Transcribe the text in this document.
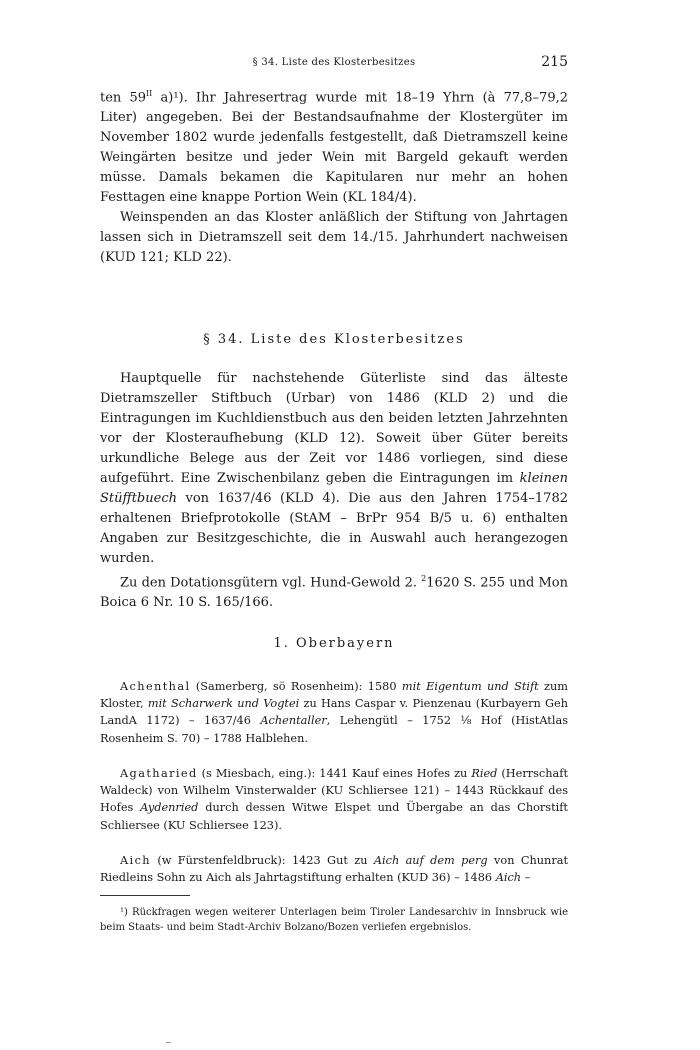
§ 34. Liste des Klosterbesitzes	215

ten $59^{II}$ a)¹). Ihr Jahresertrag wurde mit 18–19 Yhrn (à 77,8–79,2 Liter) angegeben. Bei der Bestandsaufnahme der Klostergüter im November 1802 wurde jedenfalls festgestellt, daß Dietramszell keine Weingärten besitze und jeder Wein mit Bargeld gekauft werden müsse. Damals bekamen die Kapitularen nur mehr an hohen Festtagen eine knappe Portion Wein (KL 184/4).

Weinspenden an das Kloster anläßlich der Stiftung von Jahrtagen lassen sich in Dietramszell seit dem 14./15. Jahrhundert nachweisen (KUD 121; KLD 22).

§ 34. Liste des Klosterbesitzes

Hauptquelle für nachstehende Güterliste sind das älteste Dietramszeller Stiftbuch (Urbar) von 1486 (KLD 2) und die Eintragungen im Kuchldienstbuch aus den beiden letzten Jahrzehnten vor der Klosteraufhebung (KLD 12). Soweit über Güter bereits urkundliche Belege aus der Zeit vor 1486 vorliegen, sind diese aufgeführt. Eine Zwischenbilanz geben die Eintragungen im kleinen Stüfftbuech von 1637/46 (KLD 4). Die aus den Jahren 1754–1782 erhaltenen Briefprotokolle (StAM – BrPr 954 B/5 u. 6) enthalten Angaben zur Besitzgeschichte, die in Auswahl auch herangezogen wurden.

Zu den Dotationsgütern vgl. Hund-Gewold 2. $^2$1620 S. 255 und Mon Boica 6 Nr. 10 S. 165/166.

1. Oberbayern
Achenthal (Samerberg, sö Rosenheim): 1580 mit Eigentum und Stift zum Kloster, mit Scharwerk und Vogtei zu Hans Caspar v. Pienzenau (Kurbayern Geh LandA 1172) – 1637/46 Achentaller, Lehengütl – 1752 ⅛ Hof (HistAtlas Rosenheim S. 70) – 1788 Halblehen.
Agatharied (s Miesbach, eing.): 1441 Kauf eines Hofes zu Ried (Herrschaft Waldeck) von Wilhelm Vinsterwalder (KU Schliersee 121) – 1443 Rückkauf des Hofes Aydenried durch dessen Witwe Elspet und Übergabe an das Chorstift Schliersee (KU Schliersee 123).
Aich (w Fürstenfeldbruck): 1423 Gut zu Aich auf dem perg von Chunrat Riedleins Sohn zu Aich als Jahrtagstiftung erhalten (KUD 36) – 1486 Aich –
¹) Rückfragen wegen weiterer Unterlagen beim Tiroler Landesarchiv in Innsbruck wie beim Staats- und beim Stadt-Archiv Bolzano/Bozen verliefen ergebnislos.
